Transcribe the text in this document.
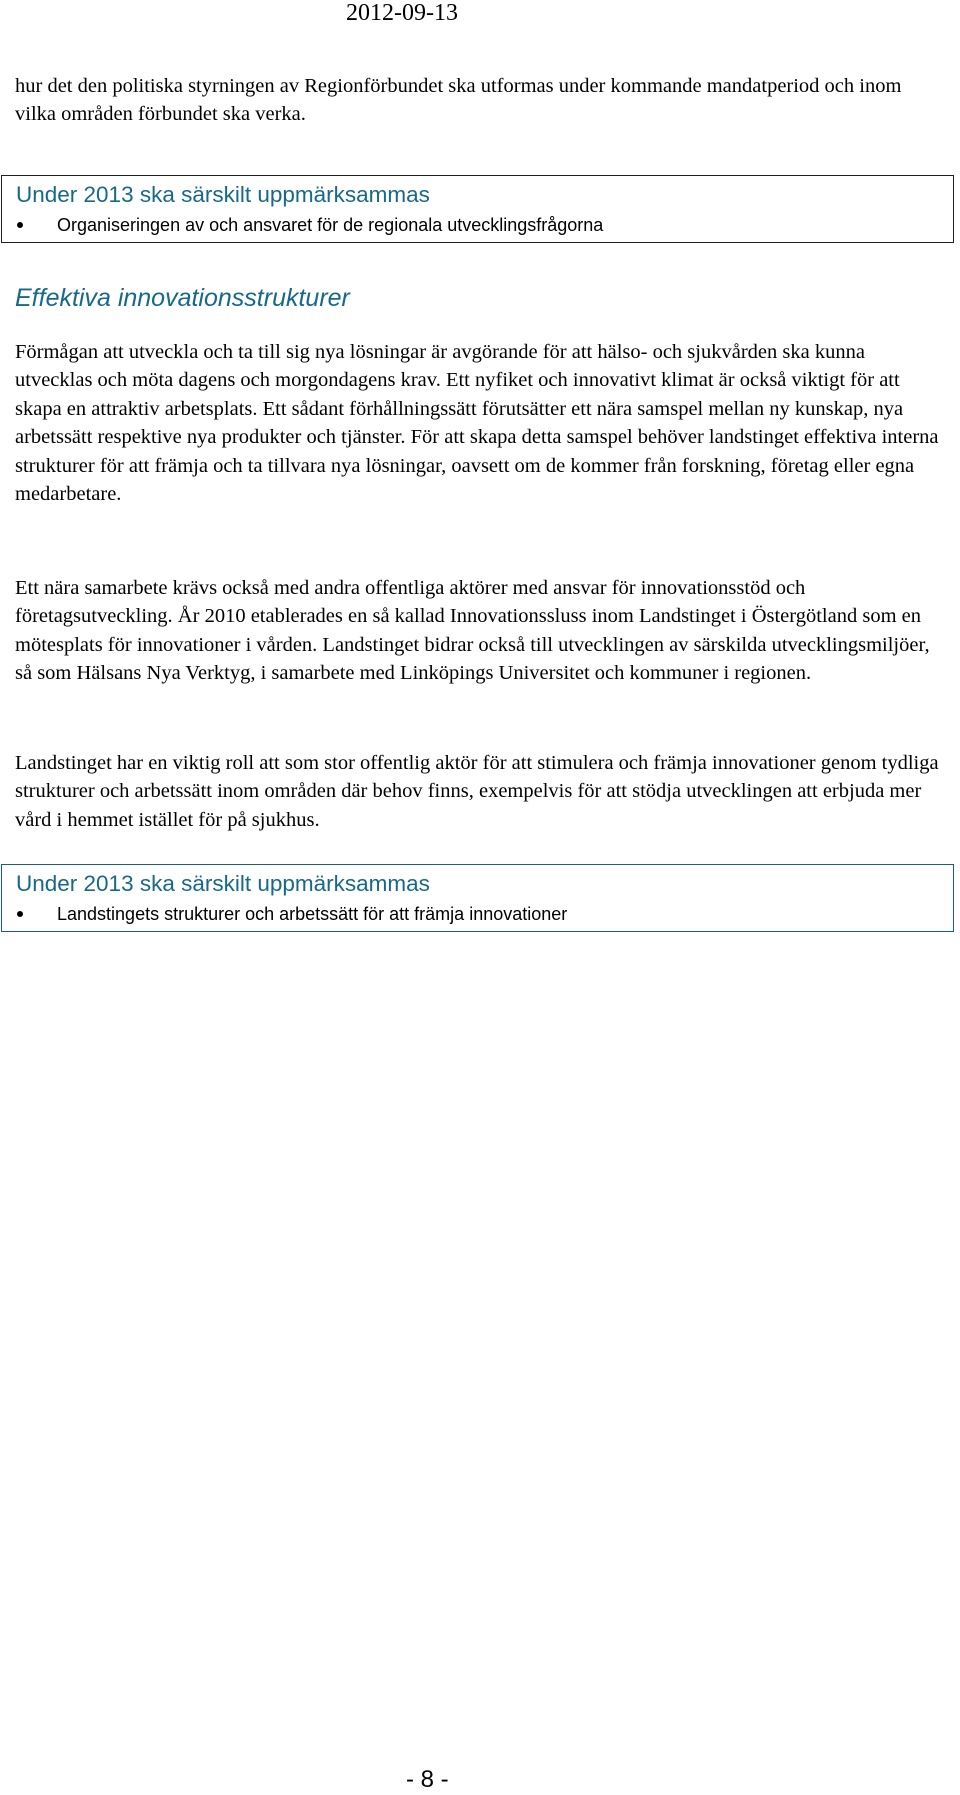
2012-09-13

hur det den politiska styrningen av Regionförbundet ska utformas under kommande mandatperiod och inom vilka områden förbundet ska verka.

Under 2013 ska särskilt uppmärksammas

Organiseringen av och ansvaret för de regionala utvecklingsfrågorna
Effektiva innovationsstrukturer

Förmågan att utveckla och ta till sig nya lösningar är avgörande för att hälso- och sjukvården ska kunna utvecklas och möta dagens och morgondagens krav. Ett nyfiket och innovativt klimat är också viktigt för att skapa en attraktiv arbetsplats. Ett sådant förhållningssätt förutsätter ett nära samspel mellan ny kunskap, nya arbetssätt respektive nya produkter och tjänster. För att skapa detta samspel behöver landstinget effektiva interna strukturer för att främja och ta tillvara nya lösningar, oavsett om de kommer från forskning, företag eller egna medarbetare.

Ett nära samarbete krävs också med andra offentliga aktörer med ansvar för innovationsstöd och företagsutveckling. År 2010 etablerades en så kallad Innovationssluss inom Landstinget i Östergötland som en mötesplats för innovationer i vården. Landstinget bidrar också till utvecklingen av särskilda utvecklingsmiljöer, så som Hälsans Nya Verktyg, i samarbete med Linköpings Universitet och kommuner i regionen.

Landstinget har en viktig roll att som stor offentlig aktör för att stimulera och främja innovationer genom tydliga strukturer och arbetssätt inom områden där behov finns, exempelvis för att stödja utvecklingen att erbjuda mer vård i hemmet istället för på sjukhus.

Under 2013 ska särskilt uppmärksammas

Landstingets strukturer och arbetssätt för att främja innovationer
- 8 -
